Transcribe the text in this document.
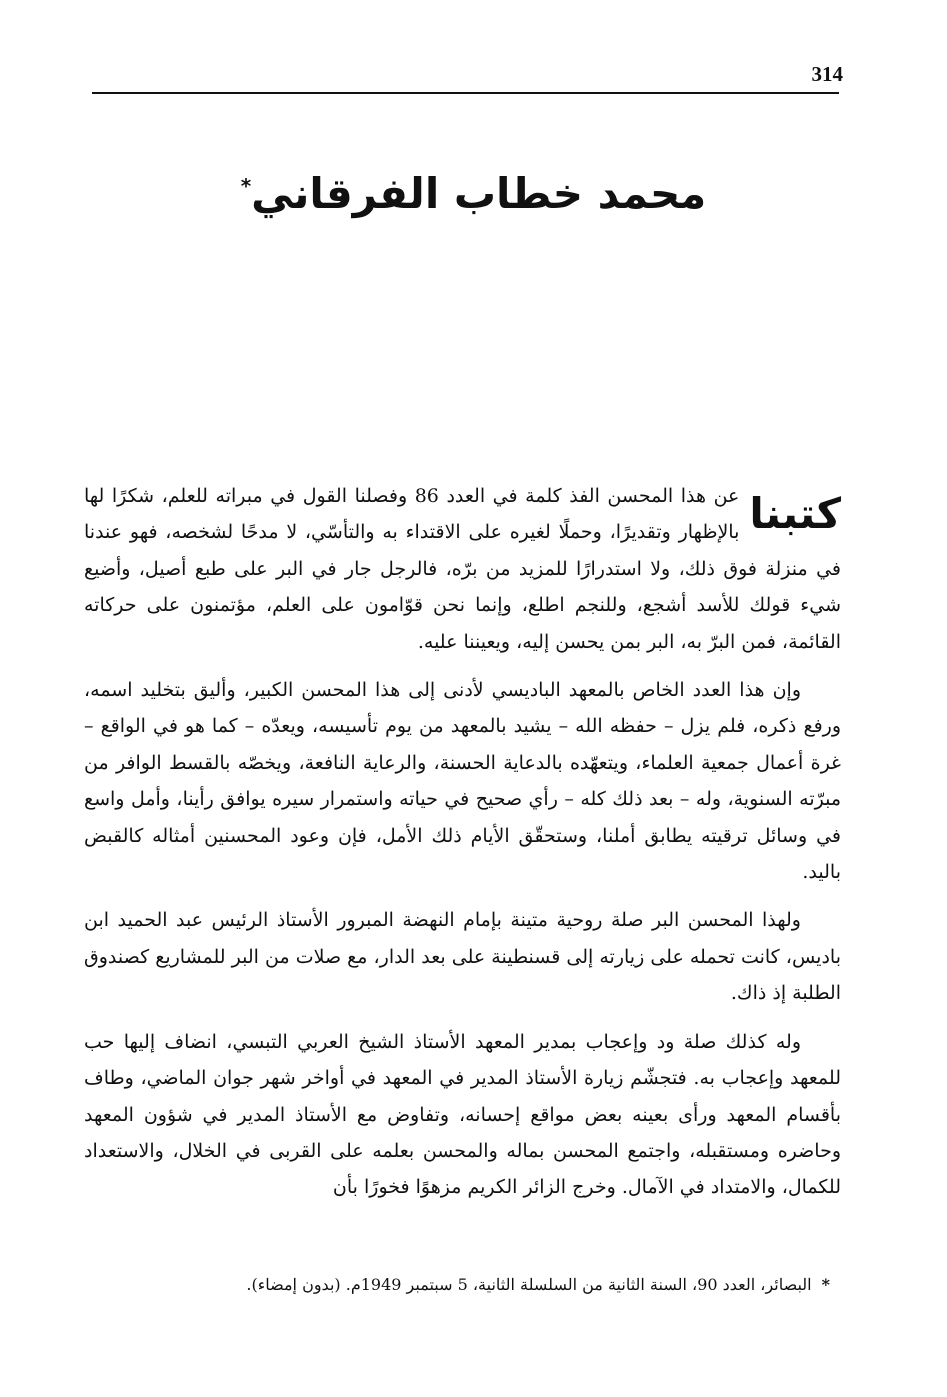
314
محمد خطاب الفرقاني*

كتبنا
عن هذا المحسن الفذ كلمة في العدد 86 وفصلنا القول في مبراته للعلم، شكرًا لها بالإظهار وتقديرًا، وحملًا لغيره على الاقتداء به والتأسّي، لا مدحًا لشخصه، فهو عندنا في منزلة فوق ذلك، ولا استدرارًا للمزيد من برّه، فالرجل جار في البر على طبع أصيل، وأضيع شيء قولك للأسد أشجع، وللنجم اطلع، وإنما نحن قوّامون على العلم، مؤتمنون على حركاته القائمة، فمن البرّ به، البر بمن يحسن إليه، ويعيننا عليه.

وإن هذا العدد الخاص بالمعهد الباديسي لأدنى إلى هذا المحسن الكبير، وأليق بتخليد اسمه، ورفع ذكره، فلم يزل – حفظه الله – يشيد بالمعهد من يوم تأسيسه، ويعدّه – كما هو في الواقع – غرة أعمال جمعية العلماء، ويتعهّده بالدعاية الحسنة، والرعاية النافعة، ويخصّه بالقسط الوافر من مبرّته السنوية، وله – بعد ذلك كله – رأي صحيح في حياته واستمرار سيره يوافق رأينا، وأمل واسع في وسائل ترقيته يطابق أملنا، وستحقّق الأيام ذلك الأمل، فإن وعود المحسنين أمثاله كالقبض باليد.

ولهذا المحسن البر صلة روحية متينة بإمام النهضة المبرور الأستاذ الرئيس عبد الحميد ابن باديس، كانت تحمله على زيارته إلى قسنطينة على بعد الدار، مع صلات من البر للمشاريع كصندوق الطلبة إذ ذاك.

وله كذلك صلة ود وإعجاب بمدير المعهد الأستاذ الشيخ العربي التبسي، انضاف إليها حب للمعهد وإعجاب به. فتجشّم زيارة الأستاذ المدير في المعهد في أواخر شهر جوان الماضي، وطاف بأقسام المعهد ورأى بعينه بعض مواقع إحسانه، وتفاوض مع الأستاذ المدير في شؤون المعهد وحاضره ومستقبله، واجتمع المحسن بماله والمحسن بعلمه على القربى في الخلال، والاستعداد للكمال، والامتداد في الآمال. وخرج الزائر الكريم مزهوًا فخورًا بأن

*البصائر، العدد 90، السنة الثانية من السلسلة الثانية، 5 سبتمبر 1949م. (بدون إمضاء).
